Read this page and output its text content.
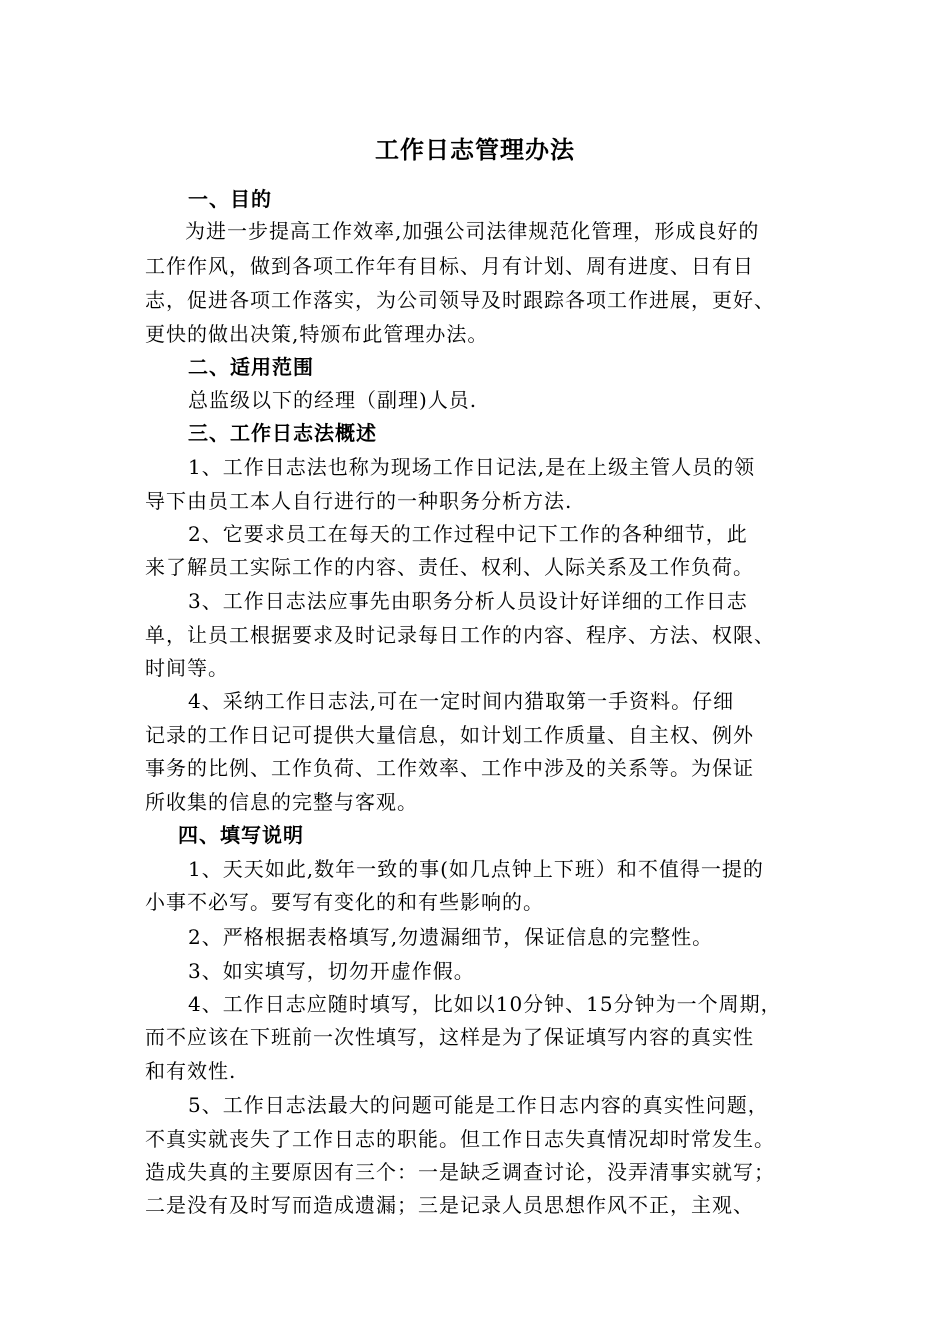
工作日志管理办法
一、目的
为进一步提高工作效率,加强公司法律规范化管理，形成良好的
工作作风，做到各项工作年有目标、月有计划、周有进度、日有日
志，促进各项工作落实，为公司领导及时跟踪各项工作进展，更好、
更快的做出决策,特颁布此管理办法。
二、适用范围
总监级以下的经理（副理)人员.
三、工作日志法概述
1、工作日志法也称为现场工作日记法,是在上级主管人员的领
导下由员工本人自行进行的一种职务分析方法.
2、它要求员工在每天的工作过程中记下工作的各种细节，此
来了解员工实际工作的内容、责任、权利、人际关系及工作负荷。
3、工作日志法应事先由职务分析人员设计好详细的工作日志
单，让员工根据要求及时记录每日工作的内容、程序、方法、权限、
时间等。
4、采纳工作日志法,可在一定时间内猎取第一手资料。仔细
记录的工作日记可提供大量信息，如计划工作质量、自主权、例外
事务的比例、工作负荷、工作效率、工作中涉及的关系等。为保证
所收集的信息的完整与客观。
四、填写说明
1、天天如此,数年一致的事(如几点钟上下班）和不值得一提的
小事不必写。要写有变化的和有些影响的。
2、严格根据表格填写,勿遗漏细节，保证信息的完整性。
3、如实填写，切勿开虚作假。
4、工作日志应随时填写，比如以10分钟、15分钟为一个周期，
而不应该在下班前一次性填写，这样是为了保证填写内容的真实性
和有效性.
5、工作日志法最大的问题可能是工作日志内容的真实性问题，
不真实就丧失了工作日志的职能。但工作日志失真情况却时常发生。
造成失真的主要原因有三个：一是缺乏调查讨论，没弄清事实就写；
二是没有及时写而造成遗漏；三是记录人员思想作风不正，主观、
